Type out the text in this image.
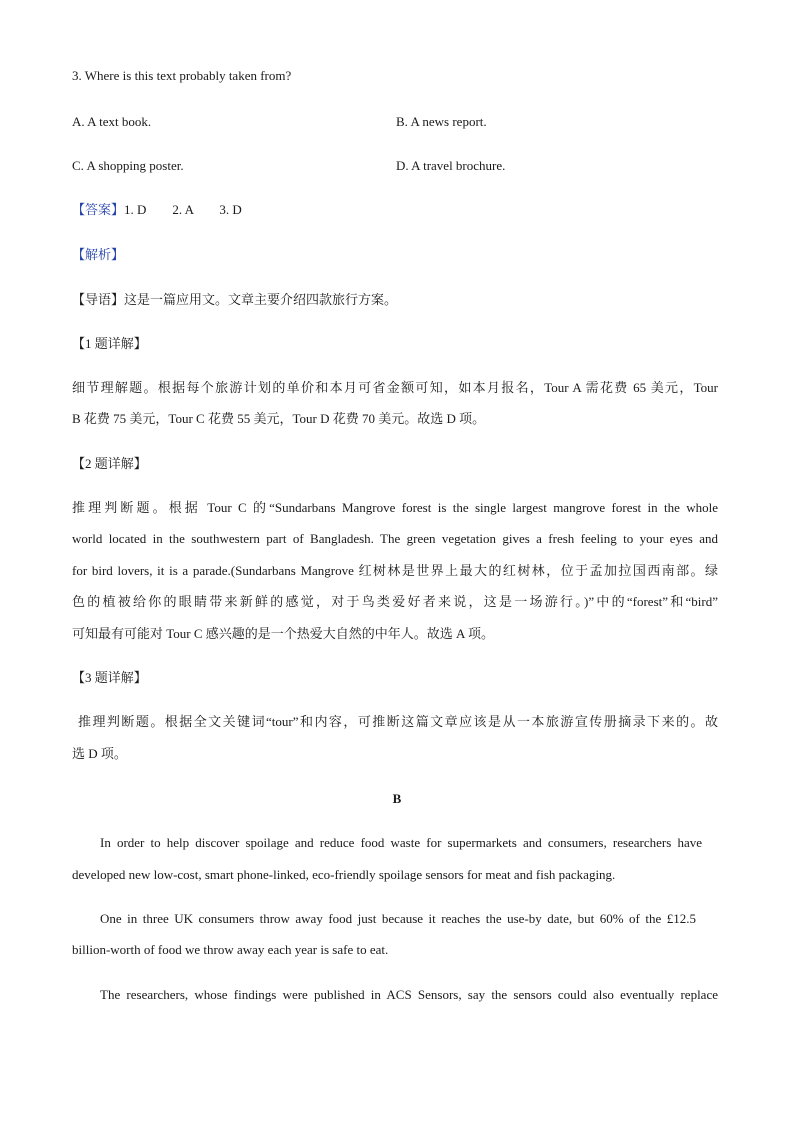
3. Where is this text probably taken from?
A. A text book.	B. A news report.
C. A shopping poster.	D. A travel brochure.
【答案】1. D　　2. A　　3. D
【解析】
【导语】这是一篇应用文。文章主要介绍四款旅行方案。
【1 题详解】
细节理解题。根据每个旅游计划的单价和本月可省金额可知，如本月报名，Tour A 需花费 65 美元，Tour
B 花费 75 美元，Tour C 花费 55 美元，Tour D 花费 70 美元。故选 D 项。
【2 题详解】
推理判断题。根据 Tour C 的“Sundarbans Mangrove forest is the single largest mangrove forest in the whole
world located in the southwestern part of Bangladesh. The green vegetation gives a fresh feeling to your eyes and
for bird lovers, it is a parade.(Sundarbans Mangrove 红树林是世界上最大的红树林，位于孟加拉国西南部。绿
色的植被给你的眼睛带来新鲜的感觉，对于鸟类爱好者来说，这是一场游行。)”中的“forest”和“bird”
可知最有可能对 Tour C 感兴趣的是一个热爱大自然的中年人。故选 A 项。
【3 题详解】
推理判断题。根据全文关键词“tour”和内容，可推断这篇文章应该是从一本旅游宣传册摘录下来的。故
选 D 项。
B
In order to help discover spoilage and reduce food waste for supermarkets and consumers, researchers have
developed new low-cost, smart phone-linked, eco-friendly spoilage sensors for meat and fish packaging.
One in three UK consumers throw away food just because it reaches the use-by date, but 60% of the £12.5
billion-worth of food we throw away each year is safe to eat.
The researchers, whose findings were published in ACS Sensors, say the sensors could also eventually replace
